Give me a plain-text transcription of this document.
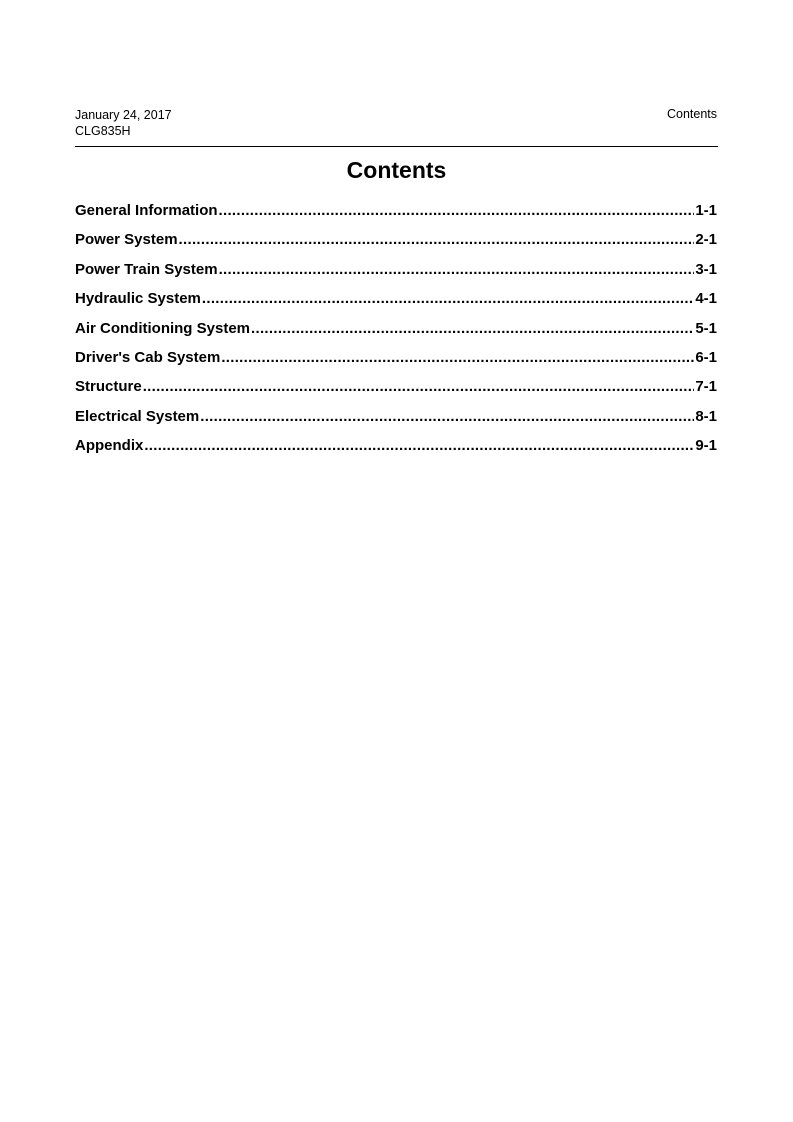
January 24, 2017
CLG835H
Contents
Contents
General Information .....	1-1
Power System .....	2-1
Power Train System .....	3-1
Hydraulic System .....	4-1
Air Conditioning System .....	5-1
Driver's Cab System .....	6-1
Structure .....	7-1
Electrical System .....	8-1
Appendix .....	9-1
